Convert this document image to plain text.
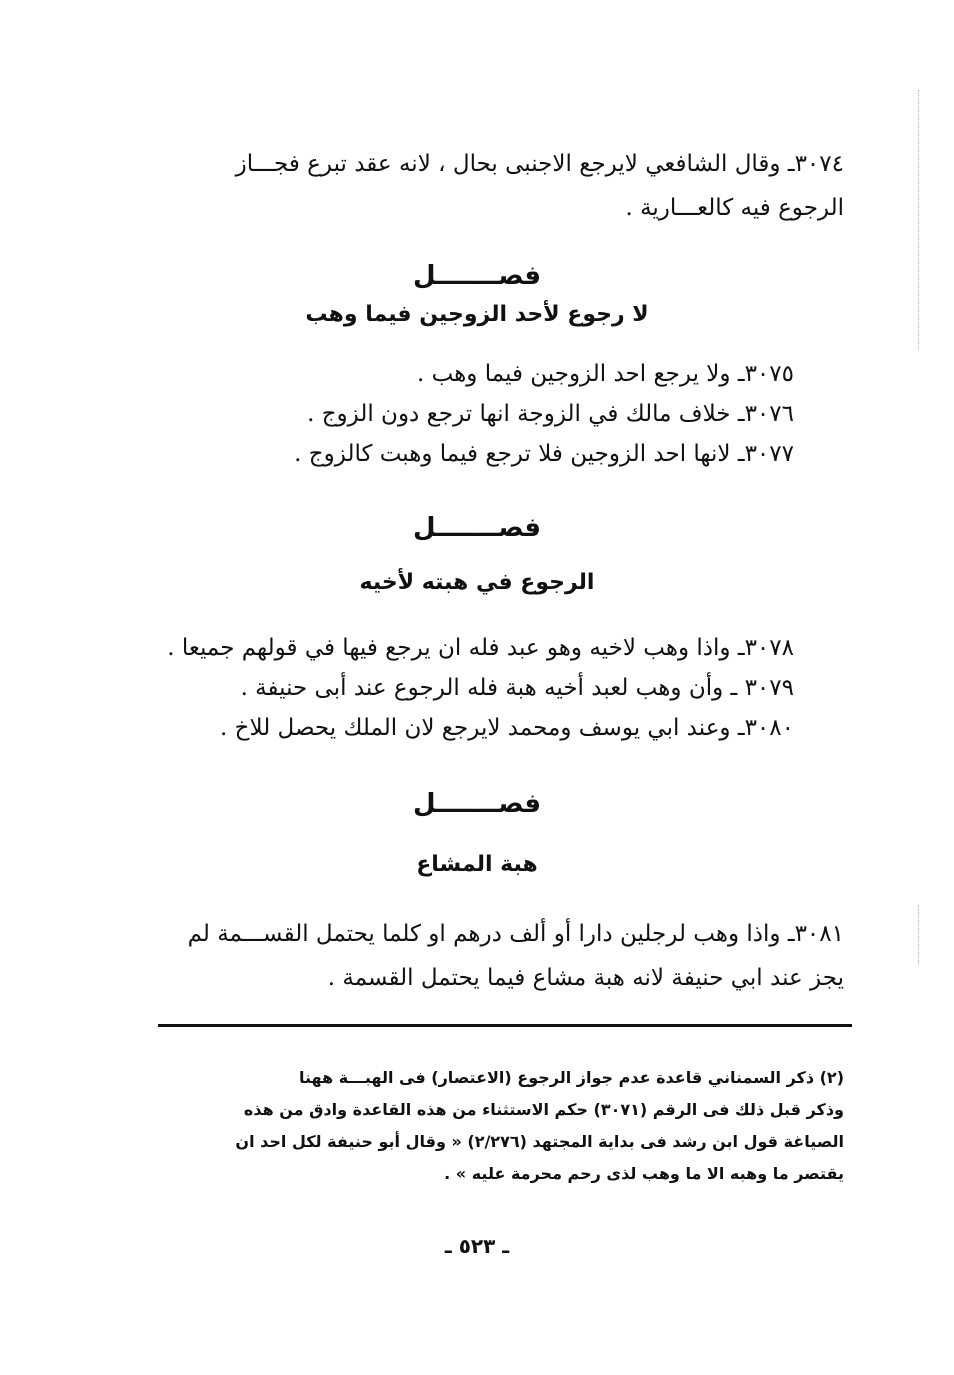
٣٠٧٤ـ وقال الشافعي لايرجع الاجنبى بحال ، لانه عقد تبرع فجـــاز
الرجوع فيه كالعـــارية .
فصـــــــل
لا رجوع لأحد الزوجين فيما وهب
٣٠٧٥ـ ولا يرجع احد الزوجين فيما وهب .
٣٠٧٦ـ خلاف مالك في الزوجة انها ترجع دون الزوج .
٣٠٧٧ـ لانها احد الزوجين فلا ترجع فيما وهبت كالزوج .
فصـــــــل
الرجوع في هبته لأخيه
٣٠٧٨ـ واذا وهب لاخيه وهو عبد فله ان يرجع فيها في قولهم جميعا .
٣٠٧٩ ـ وأن وهب لعبد أخيه هبة فله الرجوع عند أبى حنيفة .
٣٠٨٠ـ وعند ابي يوسف ومحمد لايرجع لان الملك يحصل للاخ .
فصـــــــل
هبة المشاع
٣٠٨١ـ واذا وهب لرجلين دارا أو ألف درهم او كلما يحتمل القســـمة لم
يجز عند ابي حنيفة لانه هبة مشاع فيما يحتمل القسمة .
(٢) ذكر السمناني قاعدة عدم جواز الرجوع (الاعتصار) فى الهبـــة ههنا
وذكر قبل ذلك فى الرقم (٣٠٧١) حكم الاستثناء من هذه القاعدة وادق من هذه
الصياغة قول ابن رشد فى بداية المجتهد (٢/٢٧٦) « وقال أبو حنيفة لكل احد ان
يقتصر ما وهبه الا ما وهب لذى رحم محرمة عليه » .
ـ ٥٢٣ ـ
